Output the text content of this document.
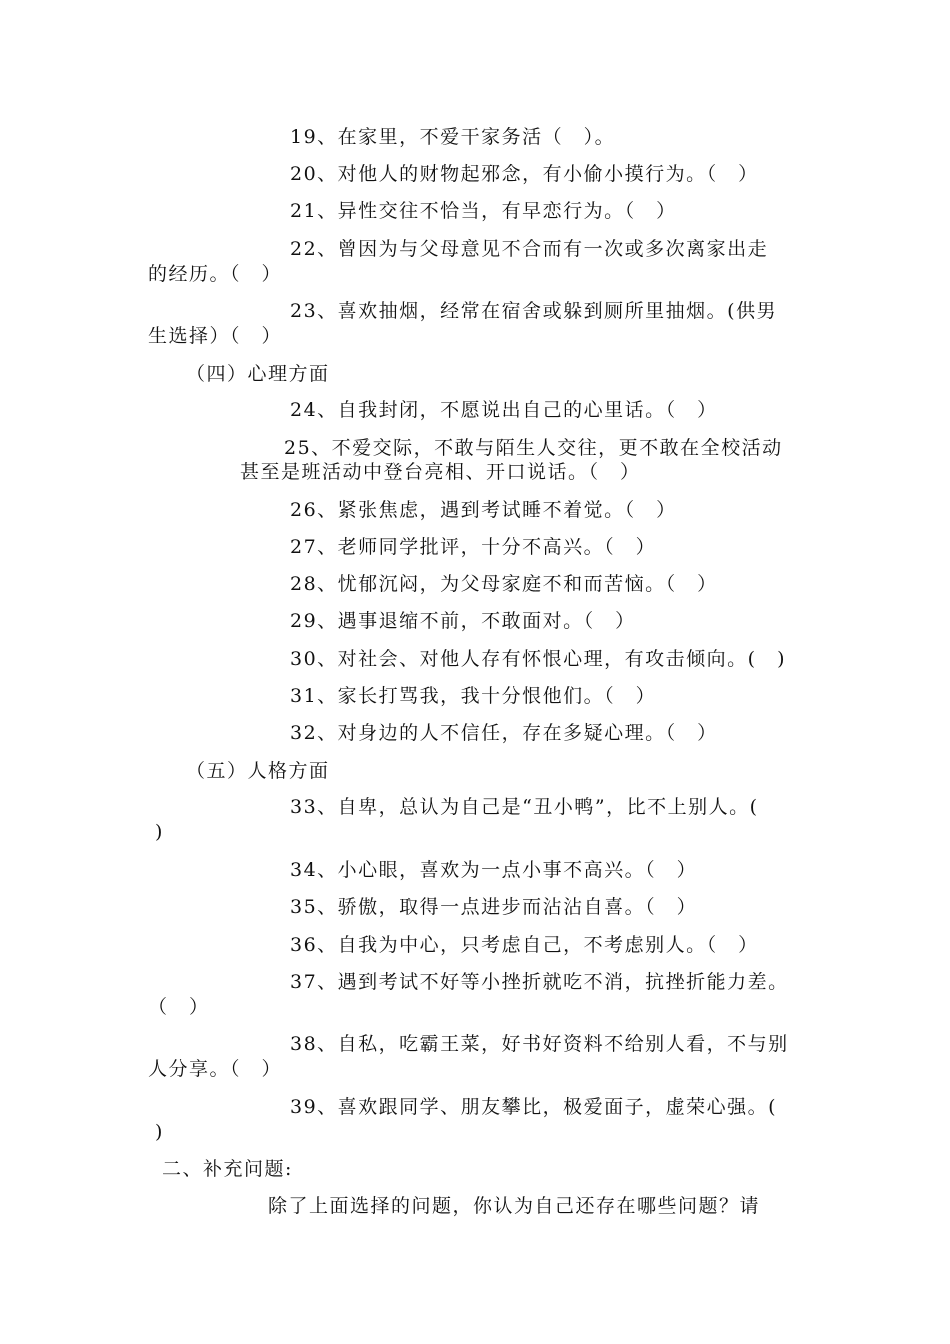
19、在家里，不爱干家务活（　）。
20、对他人的财物起邪念，有小偷小摸行为。（　）
21、异性交往不恰当，有早恋行为。（　）
22、曾因为与父母意见不合而有一次或多次离家出走
的经历。（　）
23、喜欢抽烟，经常在宿舍或躲到厕所里抽烟。(供男
生选择）（　）
（四）心理方面
24、自我封闭，不愿说出自己的心里话。（　）
25、不爱交际，不敢与陌生人交往，更不敢在全校活动
甚至是班活动中登台亮相、开口说话。（　）
26、紧张焦虑，遇到考试睡不着觉。（　）
27、老师同学批评，十分不高兴。（　）
28、忧郁沉闷，为父母家庭不和而苦恼。（　）
29、遇事退缩不前，不敢面对。（　）
30、对社会、对他人存有怀恨心理，有攻击倾向。(　)
31、家长打骂我，我十分恨他们。（　）
32、对身边的人不信任，存在多疑心理。（　）
（五）人格方面
33、自卑，总认为自己是“丑小鸭”，比不上别人。(
)
34、小心眼，喜欢为一点小事不高兴。（　）
35、骄傲，取得一点进步而沾沾自喜。（　）
36、自我为中心，只考虑自己，不考虑别人。（　）
37、遇到考试不好等小挫折就吃不消，抗挫折能力差。
（　）
38、自私，吃霸王菜，好书好资料不给别人看，不与别
人分享。（　）
39、喜欢跟同学、朋友攀比，极爱面子，虚荣心强。(
)
二、补充问题:
除了上面选择的问题，你认为自己还存在哪些问题？请
